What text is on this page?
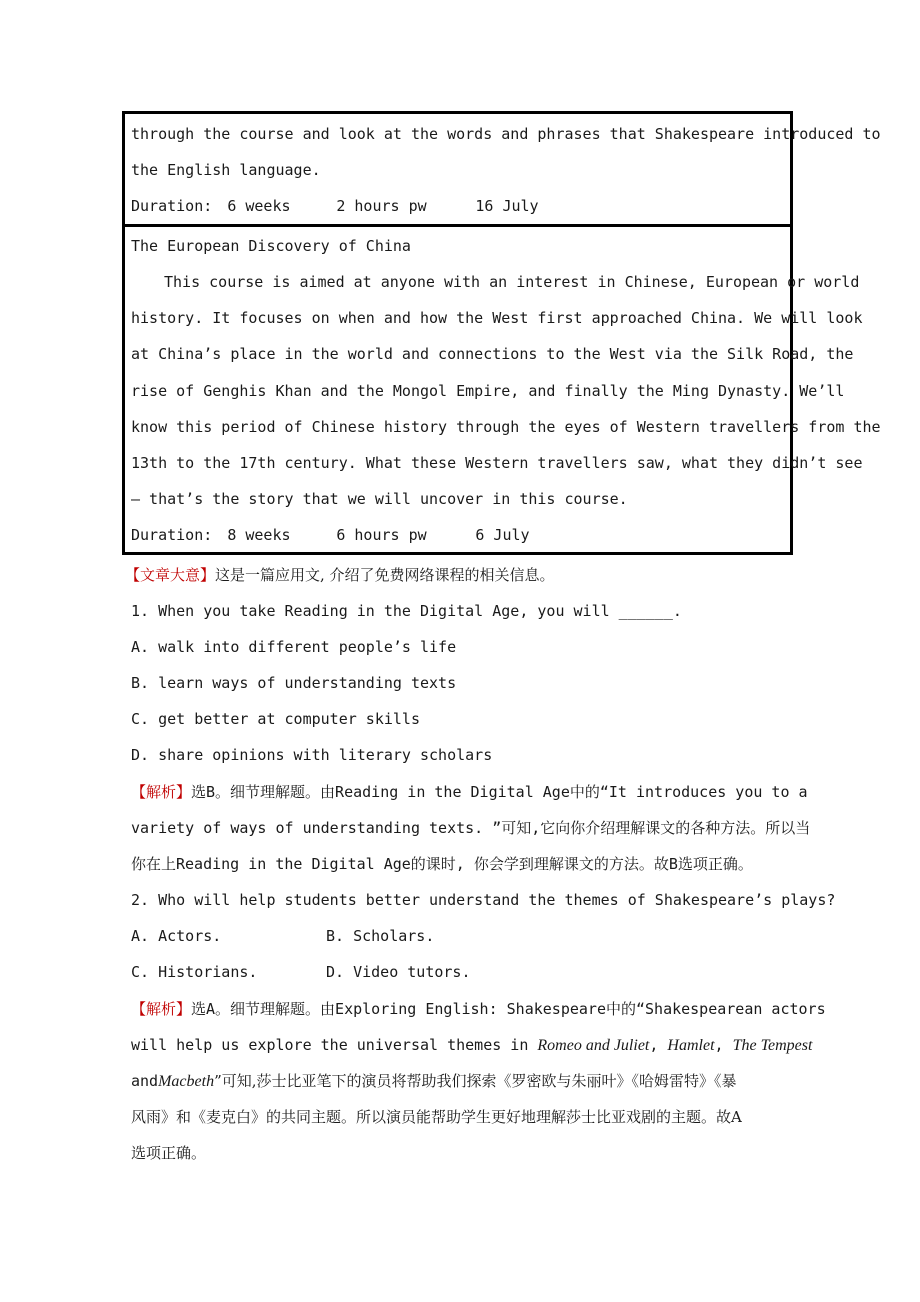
through the course and look at the words and phrases that Shakespeare introduced to
the English language.
Duration: 6 weeks	2 hours pw	16 July
The European Discovery of China
This course is aimed at anyone with an interest in Chinese, European or world
history. It focuses on when and how the West first approached China. We will look
at China’s place in the world and connections to the West via the Silk Road, the
rise of Genghis Khan and the Mongol Empire, and finally the Ming Dynasty. We’ll
know this period of Chinese history through the eyes of Western travellers from the
13th to the 17th century. What these Western travellers saw, what they didn’t see
— that’s the story that we will uncover in this course.
Duration: 8 weeks	6 hours pw	6 July
【文章大意】这是一篇应用文, 介绍了免费网络课程的相关信息。
1. When you take Reading in the Digital Age, you will ______.
A. walk into different people’s life
B. learn ways of understanding texts
C. get better at computer skills
D. share opinions with literary scholars
【解析】选B。细节理解题。由Reading in the Digital Age中的“It introduces you to a
variety of ways of understanding texts. ”可知,它向你介绍理解课文的各种方法。所以当
你在上Reading in the Digital Age的课时, 你会学到理解课文的方法。故B选项正确。
2. Who will help students better understand the themes of Shakespeare’s plays?
A. Actors.	B. Scholars.
C. Historians.	D. Video tutors.
【解析】选A。细节理解题。由Exploring English: Shakespeare中的“Shakespearean actors
will help us explore the universal themes in Romeo and Juliet, Hamlet, The Tempest
andMacbeth”可知,莎士比亚笔下的演员将帮助我们探索《罗密欧与朱丽叶》《哈姆雷特》《暴
风雨》和《麦克白》的共同主题。所以演员能帮助学生更好地理解莎士比亚戏剧的主题。故A
选项正确。
